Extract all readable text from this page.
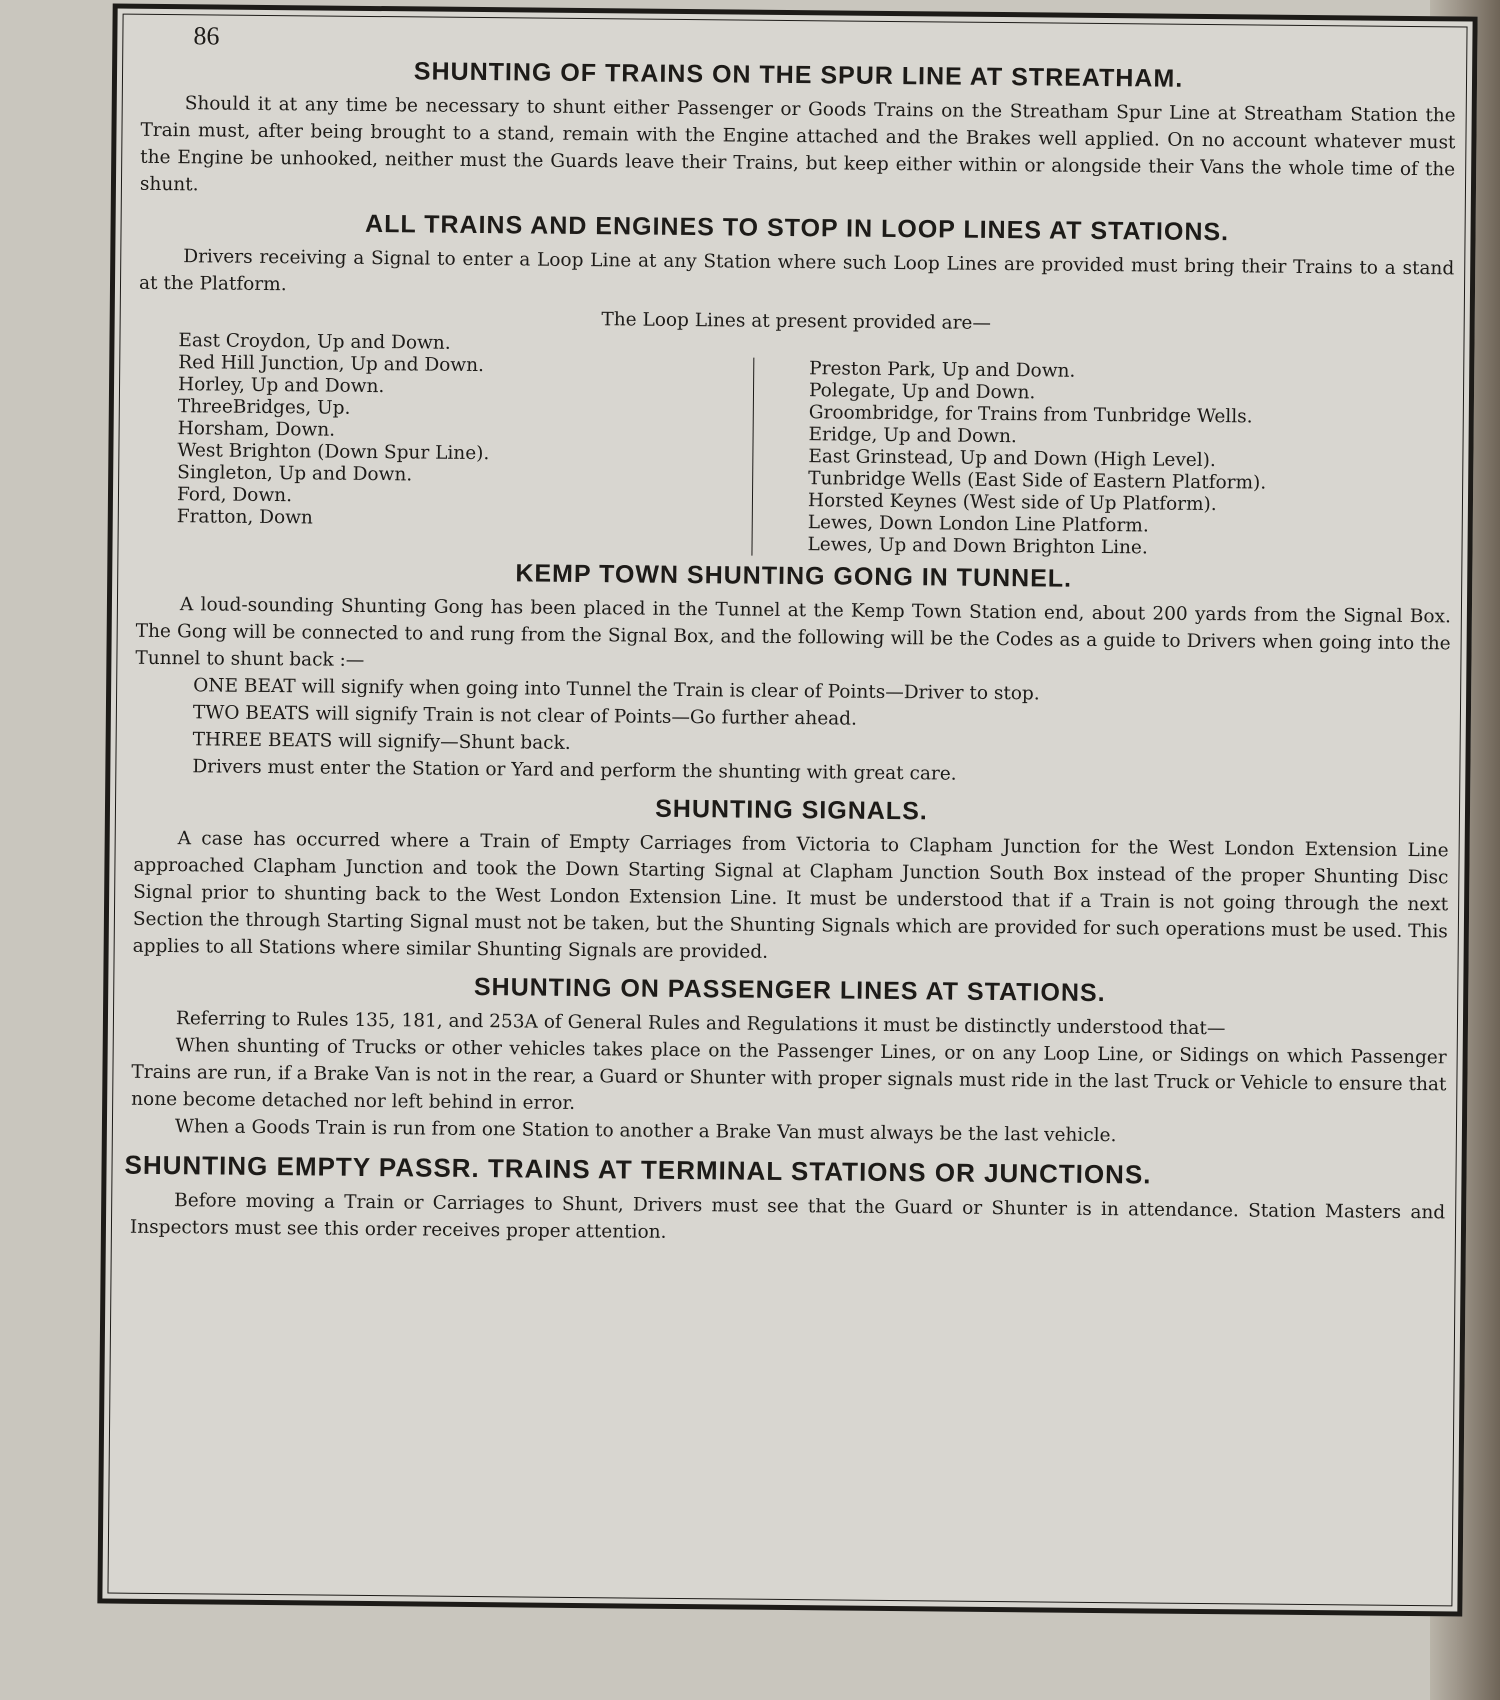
86
SHUNTING OF TRAINS ON THE SPUR LINE AT STREATHAM.

Should it at any time be necessary to shunt either Passenger or Goods Trains on the Streatham Spur Line at Streatham Station the Train must, after being brought to a stand, remain with the Engine attached and the Brakes well applied. On no account whatever must the Engine be unhooked, neither must the Guards leave their Trains, but keep either within or alongside their Vans the whole time of the shunt.

ALL TRAINS AND ENGINES TO STOP IN LOOP LINES AT STATIONS.

Drivers receiving a Signal to enter a Loop Line at any Station where such Loop Lines are provided must bring their Trains to a stand at the Platform.

The Loop Lines at present provided are—
East Croydon, Up and Down.
Red Hill Junction, Up and Down.
Horley, Up and Down.
ThreeBridges, Up.
Horsham, Down.
West Brighton (Down Spur Line).
Singleton, Up and Down.
Ford, Down.
Fratton, Down
Preston Park, Up and Down.
Polegate, Up and Down.
Groombridge, for Trains from Tunbridge Wells.
Eridge, Up and Down.
East Grinstead, Up and Down (High Level).
Tunbridge Wells (East Side of Eastern Platform).
Horsted Keynes (West side of Up Platform).
Lewes, Down London Line Platform.
Lewes, Up and Down Brighton Line.
KEMP TOWN SHUNTING GONG IN TUNNEL.

A loud-sounding Shunting Gong has been placed in the Tunnel at the Kemp Town Station end, about 200 yards from the Signal Box. The Gong will be connected to and rung from the Signal Box, and the following will be the Codes as a guide to Drivers when going into the Tunnel to shunt back :—

ONE BEAT will signify when going into Tunnel the Train is clear of Points—Driver to stop.

TWO BEATS will signify Train is not clear of Points—Go further ahead.

THREE BEATS will signify—Shunt back.

Drivers must enter the Station or Yard and perform the shunting with great care.

SHUNTING SIGNALS.

A case has occurred where a Train of Empty Carriages from Victoria to Clapham Junction for the West London Extension Line approached Clapham Junction and took the Down Starting Signal at Clapham Junction South Box instead of the proper Shunting Disc Signal prior to shunting back to the West London Extension Line. It must be understood that if a Train is not going through the next Section the through Starting Signal must not be taken, but the Shunting Signals which are provided for such operations must be used. This applies to all Stations where similar Shunting Signals are provided.

SHUNTING ON PASSENGER LINES AT STATIONS.

Referring to Rules 135, 181, and 253A of General Rules and Regulations it must be distinctly understood that—

When shunting of Trucks or other vehicles takes place on the Passenger Lines, or on any Loop Line, or Sidings on which Passenger Trains are run, if a Brake Van is not in the rear, a Guard or Shunter with proper signals must ride in the last Truck or Vehicle to ensure that none become detached nor left behind in error.

When a Goods Train is run from one Station to another a Brake Van must always be the last vehicle.

SHUNTING EMPTY PASSR. TRAINS AT TERMINAL STATIONS OR JUNCTIONS.

Before moving a Train or Carriages to Shunt, Drivers must see that the Guard or Shunter is in attendance. Station Masters and Inspectors must see this order receives proper attention.
